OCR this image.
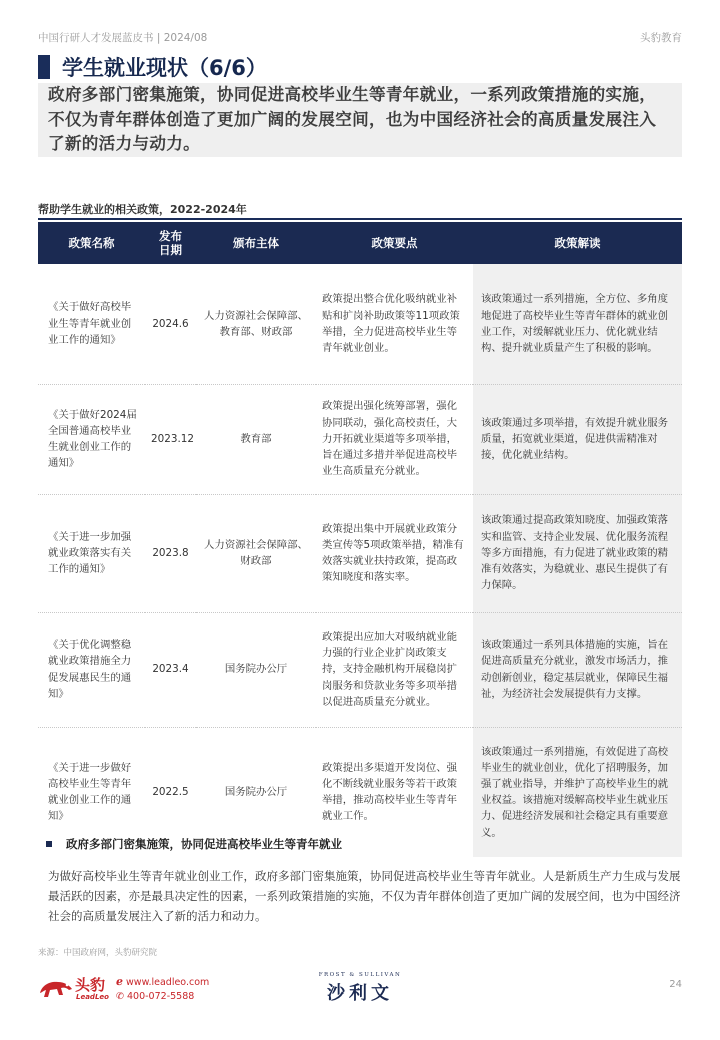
中国行研人才发展蓝皮书 | 2024/08	头豹教育
学生就业现状（6/6）
政府多部门密集施策，协同促进高校毕业生等青年就业，一系列政策措施的实施，不仅为青年群体创造了更加广阔的发展空间，也为中国经济社会的高质量发展注入了新的活力与动力。
帮助学生就业的相关政策，2022-2024年
政策名称	发布日期	颁布主体	政策要点	政策解读
《关于做好高校毕业生等青年就业创业工作的通知》	2024.6	人力资源社会保障部、教育部、财政部	政策提出整合优化吸纳就业补贴和扩岗补助政策等11项政策举措，全力促进高校毕业生等青年就业创业。	该政策通过一系列措施，全方位、多角度地促进了高校毕业生等青年群体的就业创业工作，对缓解就业压力、优化就业结构、提升就业质量产生了积极的影响。
《关于做好2024届全国普通高校毕业生就业创业工作的通知》	2023.12	教育部	政策提出强化统筹部署，强化协同联动，强化高校责任，大力开拓就业渠道等多项举措，旨在通过多措并举促进高校毕业生高质量充分就业。	该政策通过多项举措，有效提升就业服务质量，拓宽就业渠道，促进供需精准对接，优化就业结构。
《关于进一步加强就业政策落实有关工作的通知》	2023.8	人力资源社会保障部、财政部	政策提出集中开展就业政策分类宣传等5项政策举措，精准有效落实就业扶持政策，提高政策知晓度和落实率。	该政策通过提高政策知晓度、加强政策落实和监管、支持企业发展、优化服务流程等多方面措施，有力促进了就业政策的精准有效落实，为稳就业、惠民生提供了有力保障。
《关于优化调整稳就业政策措施全力促发展惠民生的通知》	2023.4	国务院办公厅	政策提出应加大对吸纳就业能力强的行业企业扩岗政策支持，支持金融机构开展稳岗扩岗服务和贷款业务等多项举措以促进高质量充分就业。	该政策通过一系列具体措施的实施，旨在促进高质量充分就业，激发市场活力，推动创新创业，稳定基层就业，保障民生福祉，为经济社会发展提供有力支撑。
《关于进一步做好高校毕业生等青年就业创业工作的通知》	2022.5	国务院办公厅	政策提出多渠道开发岗位、强化不断线就业服务等若干政策举措，推动高校毕业生等青年就业工作。	该政策通过一系列措施，有效促进了高校毕业生的就业创业，优化了招聘服务，加强了就业指导，并维护了高校毕业生的就业权益。该措施对缓解高校毕业生就业压力、促进经济发展和社会稳定具有重要意义。
政府多部门密集施策，协同促进高校毕业生等青年就业
为做好高校毕业生等青年就业创业工作，政府多部门密集施策，协同促进高校毕业生等青年就业。人是新质生产力生成与发展最活跃的因素，亦是最具决定性的因素，一系列政策措施的实施，不仅为青年群体创造了更加广阔的发展空间，也为中国经济社会的高质量发展注入了新的活力和动力。
来源：中国政府网，头豹研究院
头豹
LeadLeo
ℯ www.leadleo.com
✆ 400-072-5588
FROST & SULLIVAN
沙利文	24
